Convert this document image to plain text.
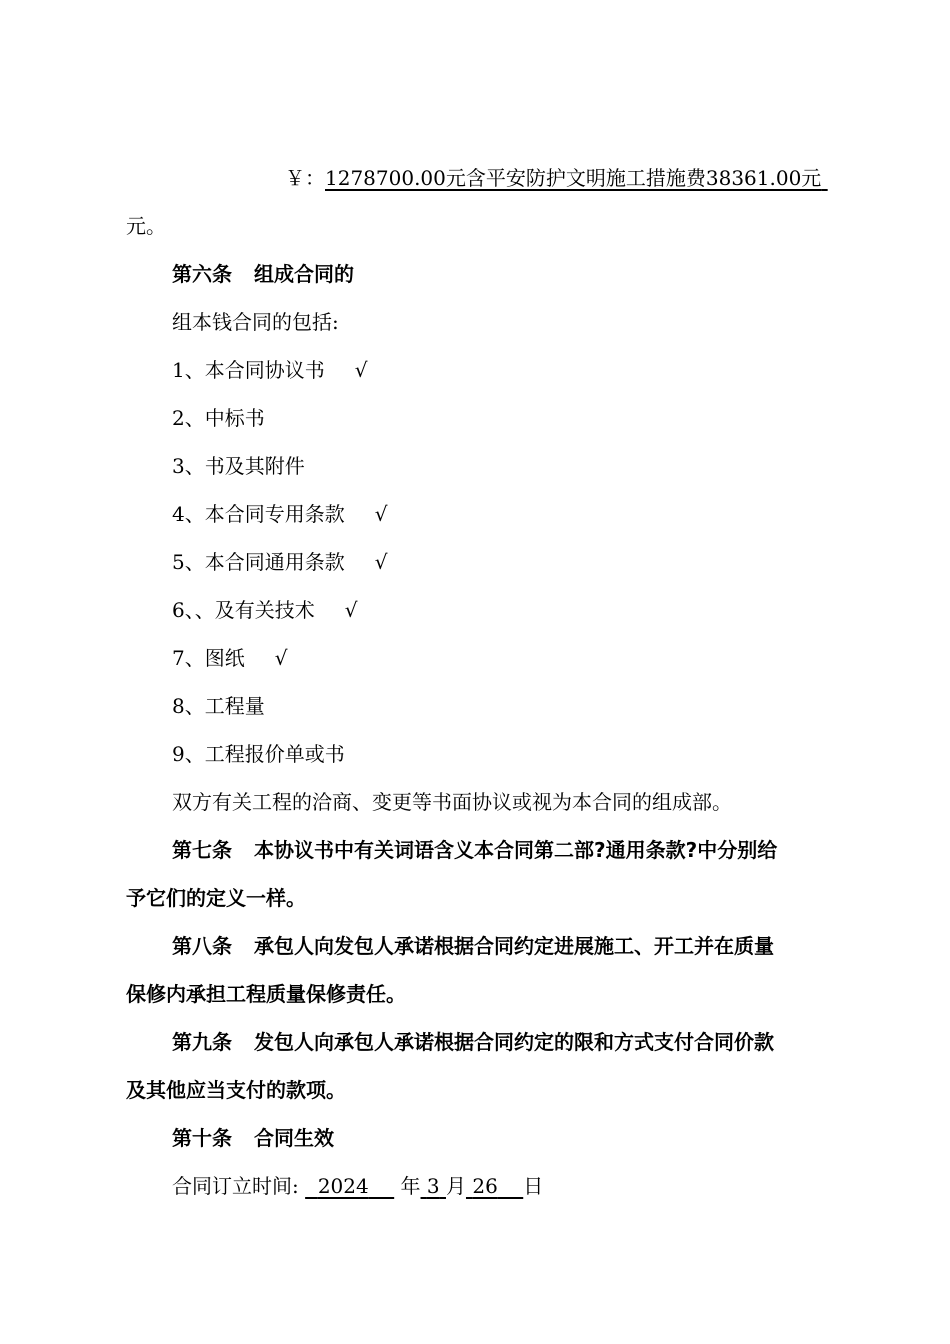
￥：1278700.00元含平安防护文明施工措施费38361.00元
元。
第六条 组成合同的
组本钱合同的包括:
1、本合同协议书 √
2、中标书
3、书及其附件
4、本合同专用条款 √
5、本合同通用条款 √
6、、及有关技术 √
7、图纸 √
8、工程量
9、工程报价单或书
双方有关工程的洽商、变更等书面协议或视为本合同的组成部。
第七条 本协议书中有关词语含义本合同第二部?通用条款?中分别给
予它们的定义一样。
第八条 承包人向发包人承诺根据合同约定进展施工、开工并在质量
保修内承担工程质量保修责任。
第九条 发包人向承包人承诺根据合同约定的限和方式支付合同价款
及其他应当支付的款项。
第十条 合同生效
合同订立时间: 2024 年 3 月 26 日
